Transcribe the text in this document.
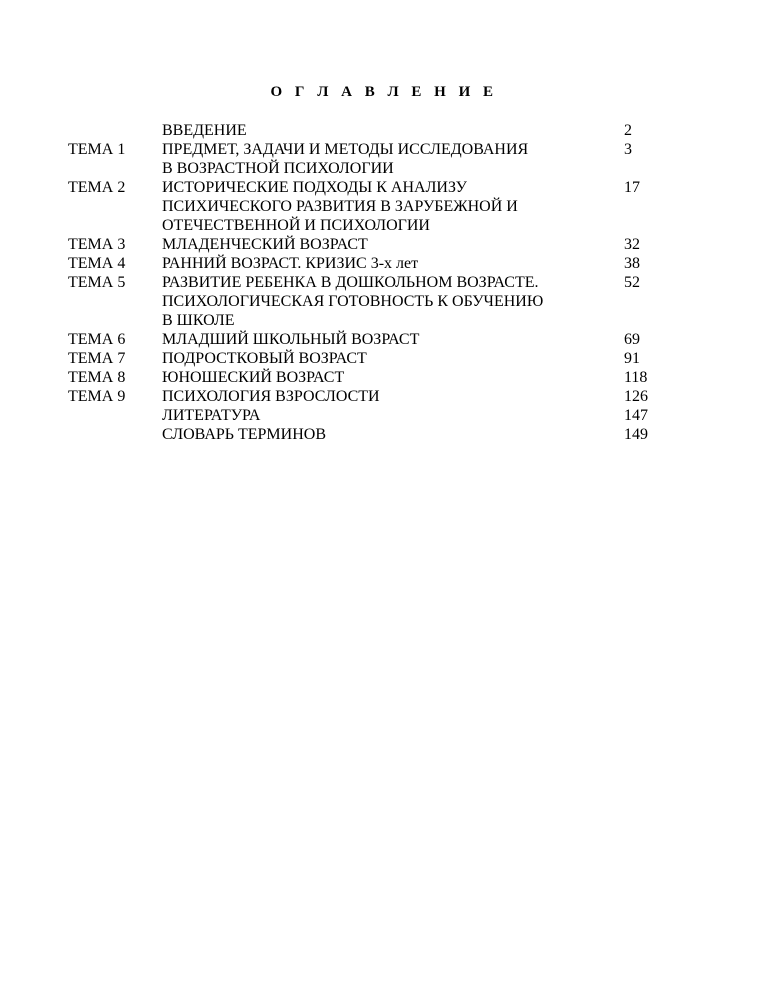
О Г Л А В Л Е Н И Е

	ВВЕДЕНИЕ	2
ТЕМА 1	ПРЕДМЕТ, ЗАДАЧИ И МЕТОДЫ ИССЛЕДОВАНИЯ
В ВОЗРАСТНОЙ ПСИХОЛОГИИ	3
ТЕМА 2	ИСТОРИЧЕСКИЕ ПОДХОДЫ К АНАЛИЗУ
ПСИХИЧЕСКОГО РАЗВИТИЯ В ЗАРУБЕЖНОЙ И
ОТЕЧЕСТВЕННОЙ И ПСИХОЛОГИИ	17
ТЕМА 3	МЛАДЕНЧЕСКИЙ ВОЗРАСТ	32
ТЕМА 4	РАННИЙ ВОЗРАСТ. КРИЗИС 3-х лет	38
ТЕМА 5	РАЗВИТИЕ РЕБЕНКА В ДОШКОЛЬНОМ ВОЗРАСТЕ.
ПСИХОЛОГИЧЕСКАЯ ГОТОВНОСТЬ К ОБУЧЕНИЮ
В ШКОЛЕ	52
ТЕМА 6	МЛАДШИЙ ШКОЛЬНЫЙ ВОЗРАСТ	69
ТЕМА 7	ПОДРОСТКОВЫЙ ВОЗРАСТ	91
ТЕМА 8	ЮНОШЕСКИЙ ВОЗРАСТ	118
ТЕМА 9	ПСИХОЛОГИЯ ВЗРОСЛОСТИ	126

	ЛИТЕРАТУРА	147

	СЛОВАРЬ ТЕРМИНОВ	149
